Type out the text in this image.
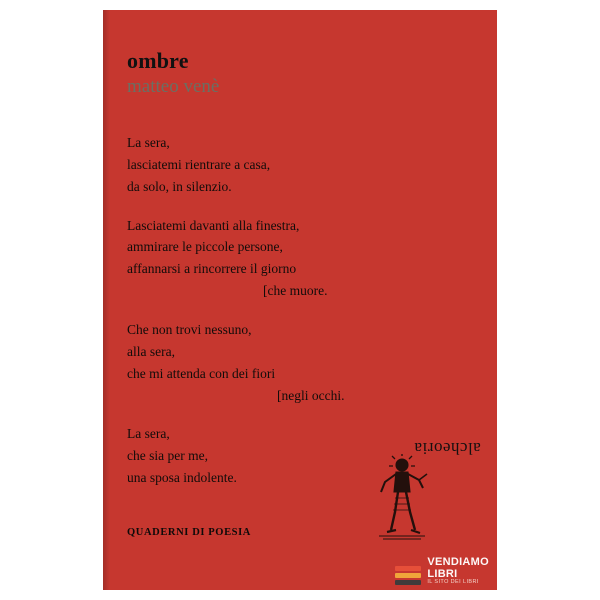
ombre
matteo venè
La sera,
lasciatemi rientrare a casa,
da solo, in silenzio.
Lasciatemi davanti alla finestra,
ammirare le piccole persone,
affannarsi a rincorrere il giorno
[che muore.
Che non trovi nessuno,
alla sera,
che mi attenda con dei fiori
[negli occhi.
La sera,
che sia per me,
una sposa indolente.
QUADERNI DI POESIA
alcheoria
VENDIAMO
LIBRI
IL SITO DEI LIBRI
